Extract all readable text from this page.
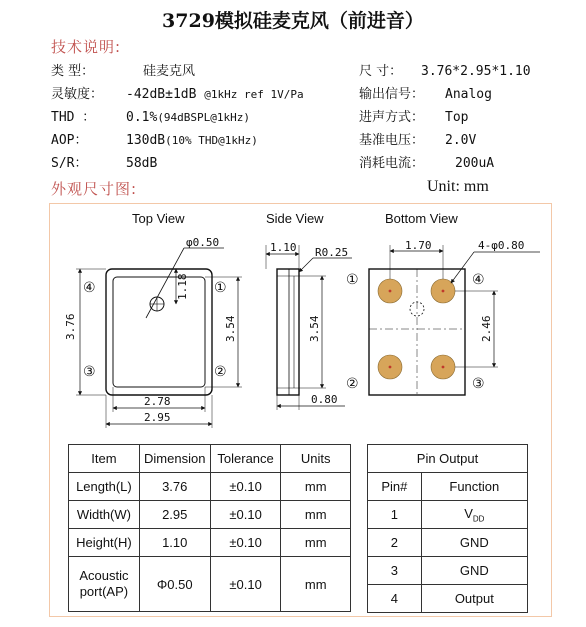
3729模拟硅麦克风（前进音）
技术说明:
类 型：	硅麦克风
灵敏度： -42dB±1dB @1kHz ref 1V/Pa
THD ： 0.1%(94dBSPL@1kHz)
AOP：	130dB(10% THD@1kHz)
S/R：	58dB
尺 寸： 3.76*2.95*1.10
输出信号： Analog
进声方式： Top
基准电压： 2.0V
消耗电流： 200uA
外观尺寸图:	Unit: mm
Top View	Side View	Bottom View
φ0.50
1.18
3.76	3.54
2.78
2.95
④	①
③	②
1.10 R0.25
3.54
0.80
1.70	4-φ0.80
2.46
①	④
②	③
Item	Dimension	Tolerance	Units
Length(L)	3.76	±0.10	mm
Width(W)	2.95	±0.10	mm
Height(H)	1.10	±0.10	mm
Acoustic
port(AP)	Φ0.50	±0.10	mm
Pin Output	
Pin#	Function
1	$V_{DD}$
2	GND
3	GND
4	Output
